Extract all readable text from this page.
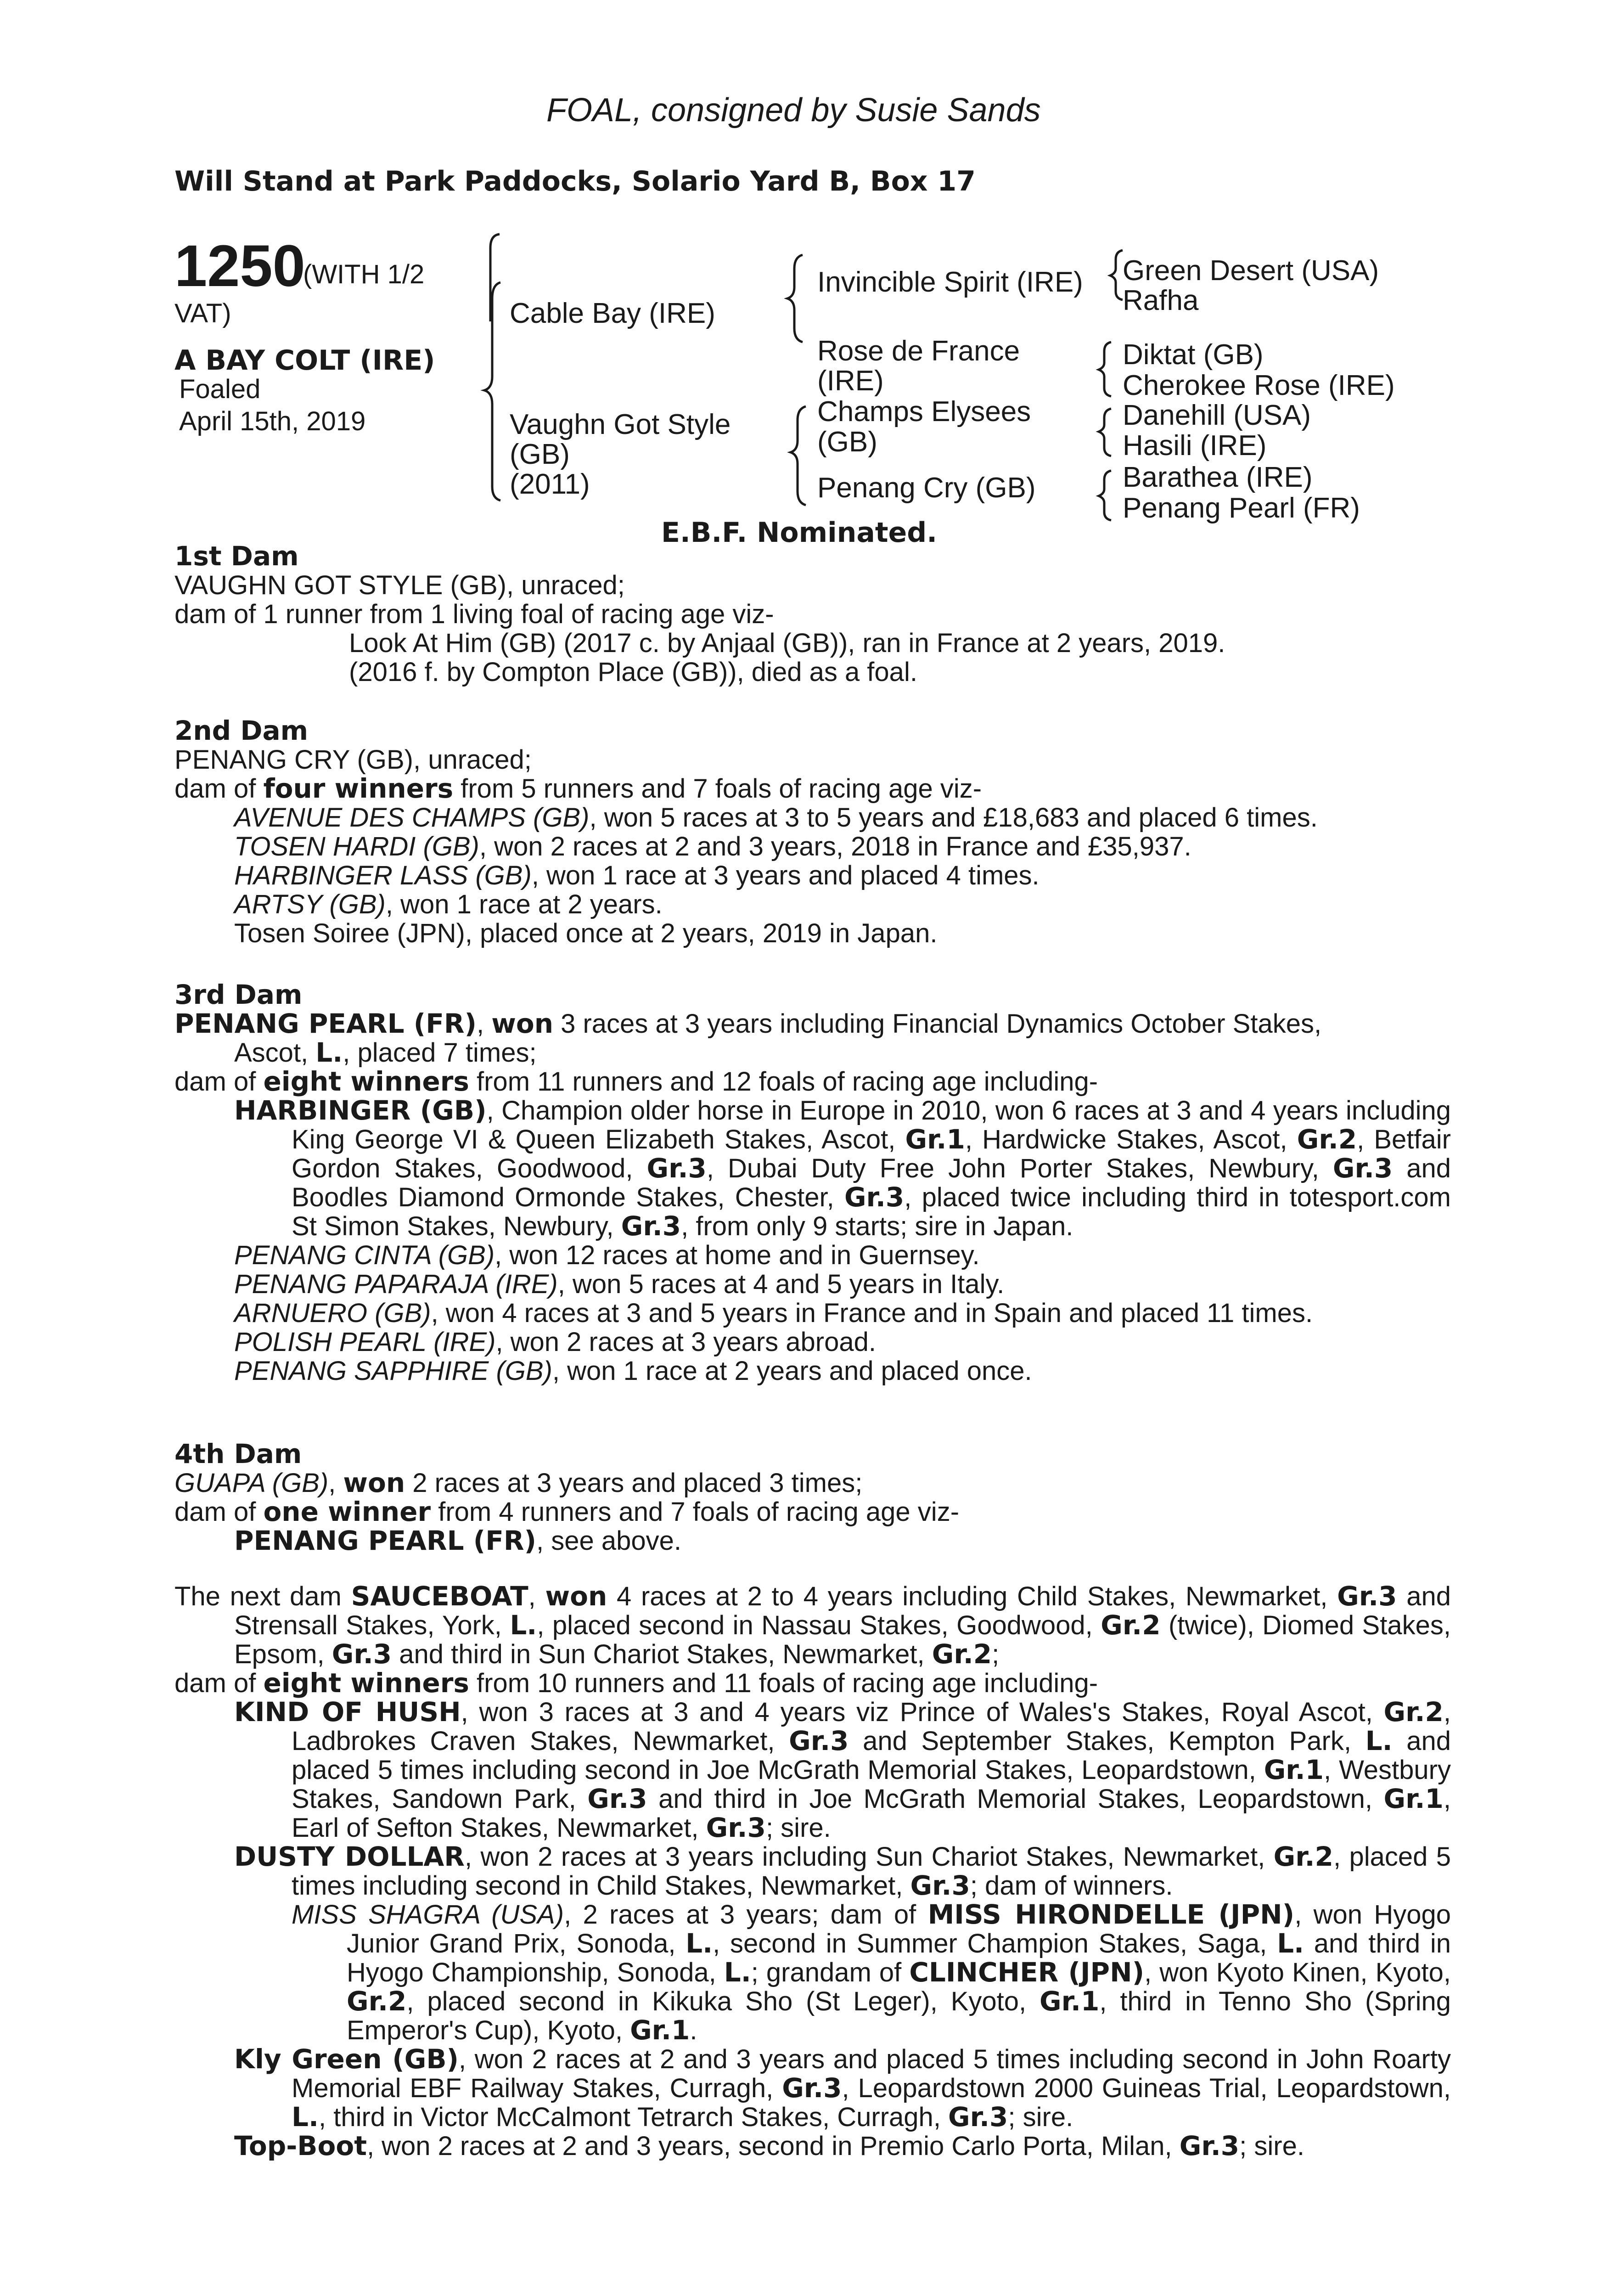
FOAL, consigned by Susie Sands
Will Stand at Park Paddocks, Solario Yard B, Box 17
1250
(WITH 1/2
VAT)
A BAY COLT (IRE)
Foaled
April 15th, 2019
Cable Bay (IRE)
Vaughn Got Style
(GB)
(2011)
Invincible Spirit (IRE)
Rose de France
(IRE)
Champs Elysees
(GB)
Penang Cry (GB)
Green Desert (USA)
Rafha
Diktat (GB)
Cherokee Rose (IRE)
Danehill (USA)
Hasili (IRE)
Barathea (IRE)
Penang Pearl (FR)
E.B.F. Nominated.

1st Dam

VAUGHN GOT STYLE (GB), unraced;

dam of 1 runner from 1 living foal of racing age viz-

Look At Him (GB) (2017 c. by Anjaal (GB)), ran in France at 2 years, 2019.

(2016 f. by Compton Place (GB)), died as a foal.

2nd Dam

PENANG CRY (GB), unraced;

dam of four winners from 5 runners and 7 foals of racing age viz-

AVENUE DES CHAMPS (GB), won 5 races at 3 to 5 years and £18,683 and placed 6 times.

TOSEN HARDI (GB), won 2 races at 2 and 3 years, 2018 in France and £35,937.

HARBINGER LASS (GB), won 1 race at 3 years and placed 4 times.

ARTSY (GB), won 1 race at 2 years.

Tosen Soiree (JPN), placed once at 2 years, 2019 in Japan.

3rd Dam

PENANG PEARL (FR), won 3 races at 3 years including Financial Dynamics October Stakes,
Ascot, L., placed 7 times;

dam of eight winners from 11 runners and 12 foals of racing age including-

HARBINGER (GB), Champion older horse in Europe in 2010, won 6 races at 3 and 4 years including King George VI & Queen Elizabeth Stakes, Ascot, Gr.1, Hardwicke Stakes, Ascot, Gr.2, Betfair Gordon Stakes, Goodwood, Gr.3, Dubai Duty Free John Porter Stakes, Newbury, Gr.3 and Boodles Diamond Ormonde Stakes, Chester, Gr.3, placed twice including third in totesport.com St Simon Stakes, Newbury, Gr.3, from only 9 starts; sire in Japan.

PENANG CINTA (GB), won 12 races at home and in Guernsey.

PENANG PAPARAJA (IRE), won 5 races at 4 and 5 years in Italy.

ARNUERO (GB), won 4 races at 3 and 5 years in France and in Spain and placed 11 times.

POLISH PEARL (IRE), won 2 races at 3 years abroad.

PENANG SAPPHIRE (GB), won 1 race at 2 years and placed once.

4th Dam

GUAPA (GB), won 2 races at 3 years and placed 3 times;

dam of one winner from 4 runners and 7 foals of racing age viz-

PENANG PEARL (FR), see above.

The next dam SAUCEBOAT, won 4 races at 2 to 4 years including Child Stakes, Newmarket, Gr.3 and Strensall Stakes, York, L., placed second in Nassau Stakes, Goodwood, Gr.2 (twice), Diomed Stakes, Epsom, Gr.3 and third in Sun Chariot Stakes, Newmarket, Gr.2;

dam of eight winners from 10 runners and 11 foals of racing age including-

KIND OF HUSH, won 3 races at 3 and 4 years viz Prince of Wales's Stakes, Royal Ascot, Gr.2, Ladbrokes Craven Stakes, Newmarket, Gr.3 and September Stakes, Kempton Park, L. and placed 5 times including second in Joe McGrath Memorial Stakes, Leopardstown, Gr.1, Westbury Stakes, Sandown Park, Gr.3 and third in Joe McGrath Memorial Stakes, Leopardstown, Gr.1, Earl of Sefton Stakes, Newmarket, Gr.3; sire.

DUSTY DOLLAR, won 2 races at 3 years including Sun Chariot Stakes, Newmarket, Gr.2, placed 5 times including second in Child Stakes, Newmarket, Gr.3; dam of winners.

MISS SHAGRA (USA), 2 races at 3 years; dam of MISS HIRONDELLE (JPN), won Hyogo Junior Grand Prix, Sonoda, L., second in Summer Champion Stakes, Saga, L. and third in Hyogo Championship, Sonoda, L.; grandam of CLINCHER (JPN), won Kyoto Kinen, Kyoto, Gr.2, placed second in Kikuka Sho (St Leger), Kyoto, Gr.1, third in Tenno Sho (Spring Emperor's Cup), Kyoto, Gr.1.

Kly Green (GB), won 2 races at 2 and 3 years and placed 5 times including second in John Roarty Memorial EBF Railway Stakes, Curragh, Gr.3, Leopardstown 2000 Guineas Trial, Leopardstown, L., third in Victor McCalmont Tetrarch Stakes, Curragh, Gr.3; sire.

Top-Boot, won 2 races at 2 and 3 years, second in Premio Carlo Porta, Milan, Gr.3; sire.
